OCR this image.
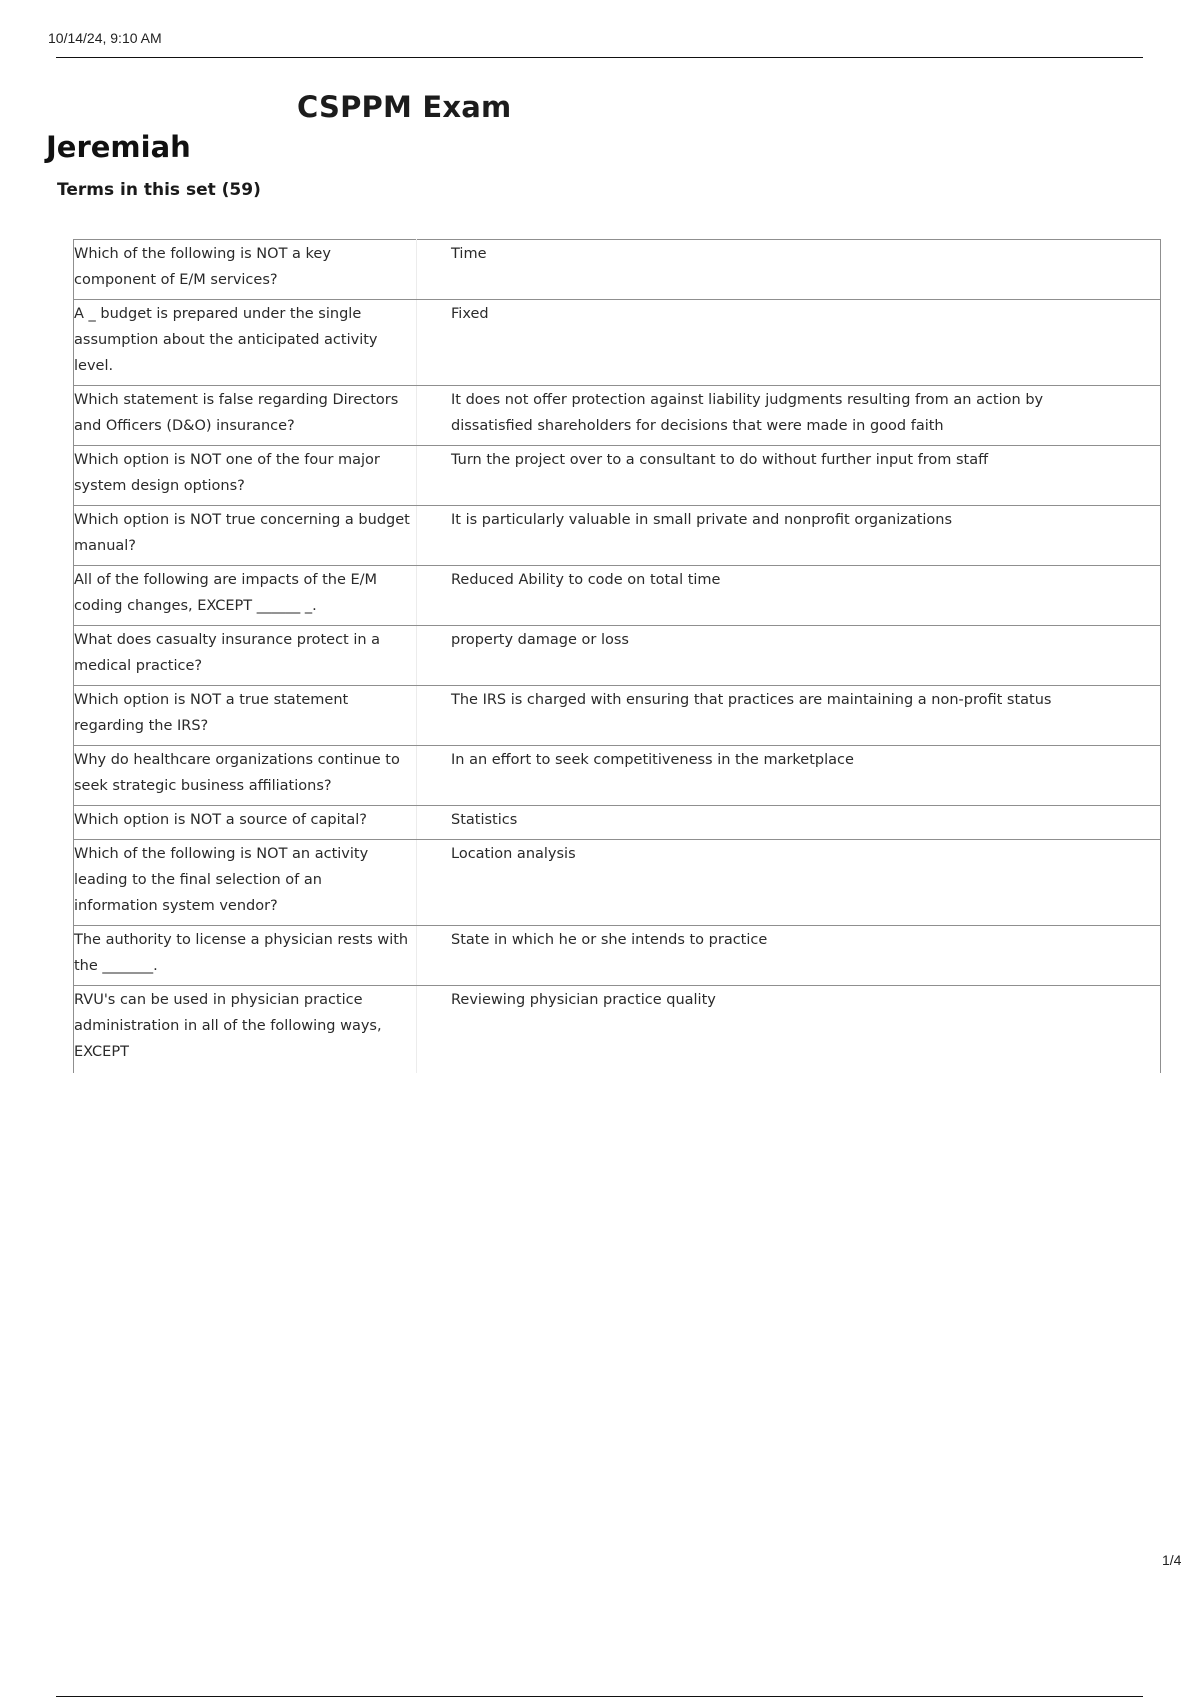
10/14/24, 9:10 AM
CSPPM Exam
Jeremiah
Terms in this set (59)
Which of the following is NOT a key component of E/M services?	Time
A _ budget is prepared under the single assumption about the anticipated activity level.	Fixed
Which statement is false regarding Directors and Officers (D&O) insurance?	It does not offer protection against liability judgments resulting from an action by dissatisfied shareholders for decisions that were made in good faith
Which option is NOT one of the four major system design options?	Turn the project over to a consultant to do without further input from staff
Which option is NOT true concerning a budget manual?	It is particularly valuable in small private and nonprofit organizations
All of the following are impacts of the E/M coding changes, EXCEPT ______ _.	Reduced Ability to code on total time
What does casualty insurance protect in a medical practice?	property damage or loss
Which option is NOT a true statement regarding the IRS?	The IRS is charged with ensuring that practices are maintaining a non-profit status
Why do healthcare organizations continue to seek strategic business affiliations?	In an effort to seek competitiveness in the marketplace
Which option is NOT a source of capital?	Statistics
Which of the following is NOT an activity leading to the final selection of an information system vendor?	Location analysis
The authority to license a physician rests with the _______.	State in which he or she intends to practice
RVU's can be used in physician practice administration in all of the following ways, EXCEPT	Reviewing physician practice quality
1/4
